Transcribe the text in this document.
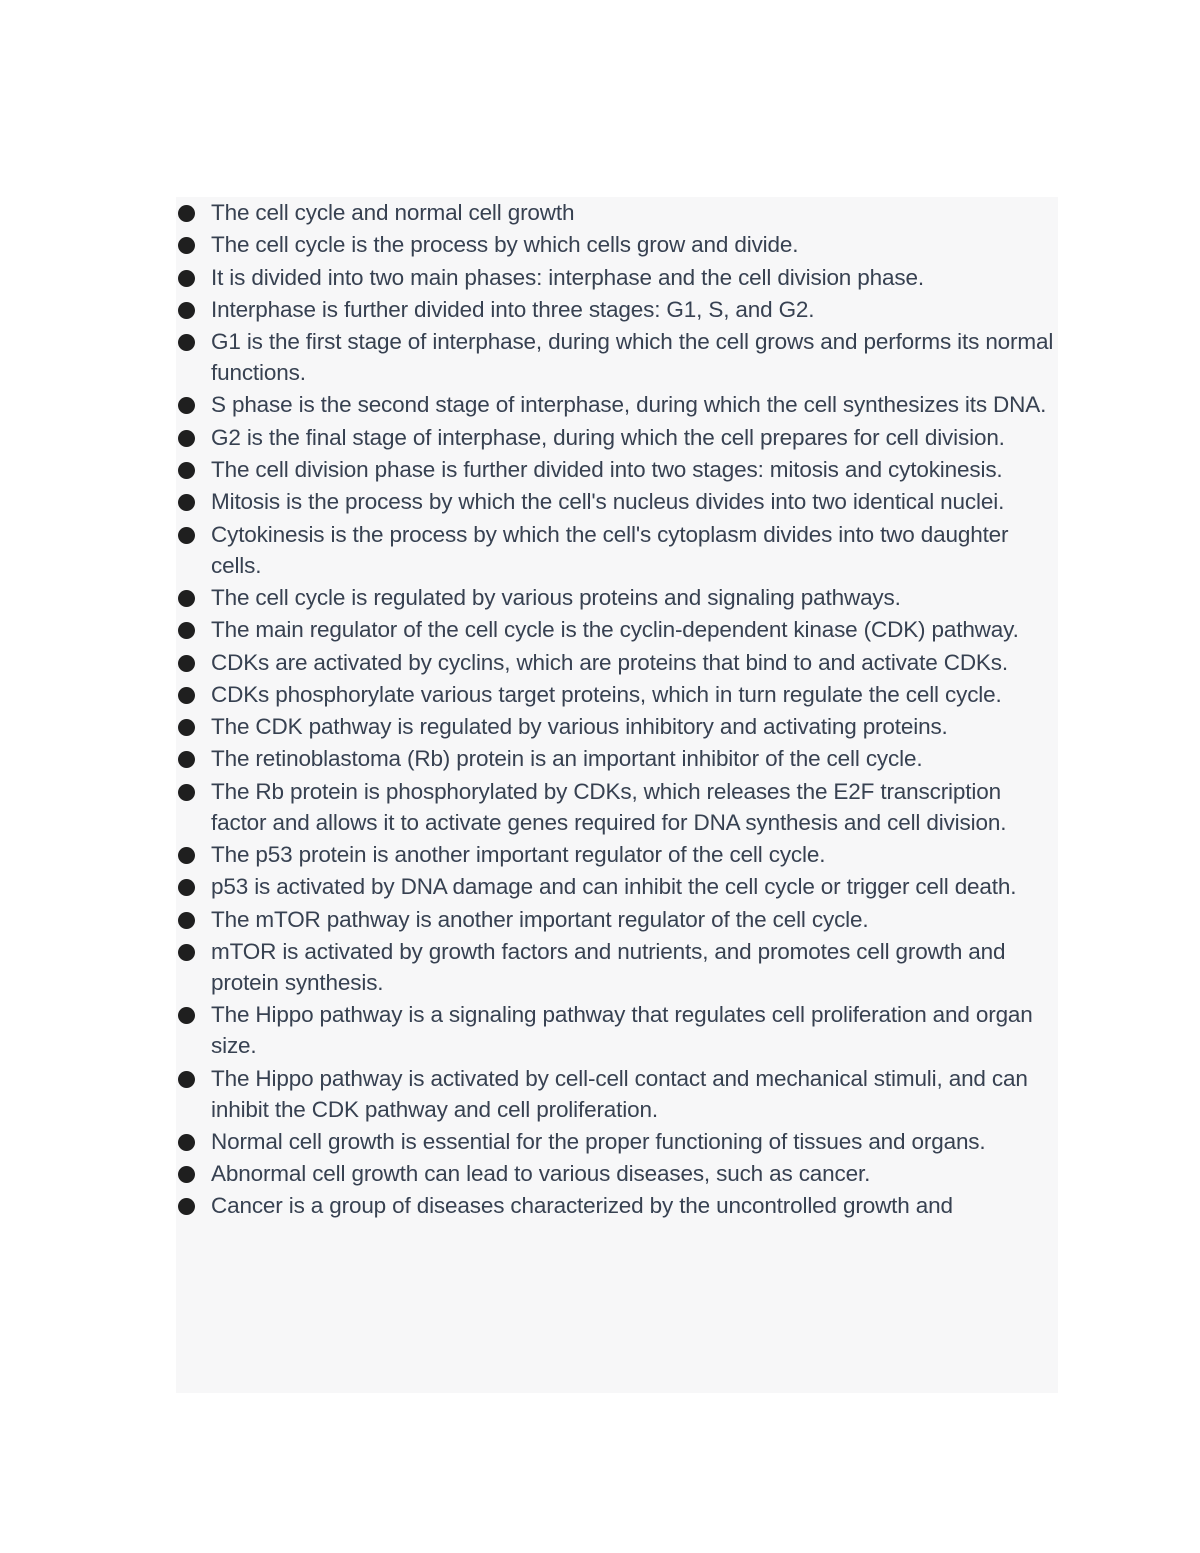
The cell cycle and normal cell growth
The cell cycle is the process by which cells grow and divide.
It is divided into two main phases: interphase and the cell division phase.
Interphase is further divided into three stages: G1, S, and G2.
G1 is the first stage of interphase, during which the cell grows and performs its normal functions.
S phase is the second stage of interphase, during which the cell synthesizes its DNA.
G2 is the final stage of interphase, during which the cell prepares for cell division.
The cell division phase is further divided into two stages: mitosis and cytokinesis.
Mitosis is the process by which the cell's nucleus divides into two identical nuclei.
Cytokinesis is the process by which the cell's cytoplasm divides into two daughter cells.
The cell cycle is regulated by various proteins and signaling pathways.
The main regulator of the cell cycle is the cyclin-dependent kinase (CDK) pathway.
CDKs are activated by cyclins, which are proteins that bind to and activate CDKs.
CDKs phosphorylate various target proteins, which in turn regulate the cell cycle.
The CDK pathway is regulated by various inhibitory and activating proteins.
The retinoblastoma (Rb) protein is an important inhibitor of the cell cycle.
The Rb protein is phosphorylated by CDKs, which releases the E2F transcription factor and allows it to activate genes required for DNA synthesis and cell division.
The p53 protein is another important regulator of the cell cycle.
p53 is activated by DNA damage and can inhibit the cell cycle or trigger cell death.
The mTOR pathway is another important regulator of the cell cycle.
mTOR is activated by growth factors and nutrients, and promotes cell growth and protein synthesis.
The Hippo pathway is a signaling pathway that regulates cell proliferation and organ size.
The Hippo pathway is activated by cell-cell contact and mechanical stimuli, and can inhibit the CDK pathway and cell proliferation.
Normal cell growth is essential for the proper functioning of tissues and organs.
Abnormal cell growth can lead to various diseases, such as cancer.
Cancer is a group of diseases characterized by the uncontrolled growth and
